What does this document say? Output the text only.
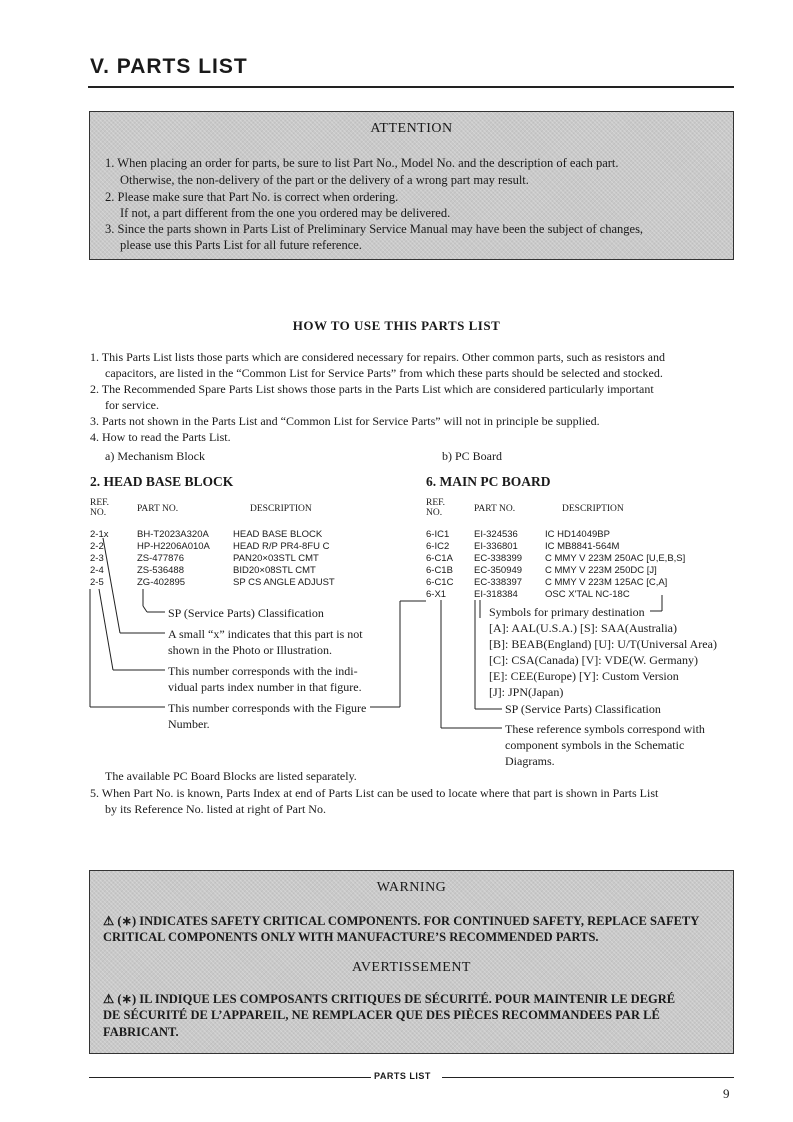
V. PARTS LIST
ATTENTION
1. When placing an order for parts, be sure to list Part No., Model No. and the description of each part.
Otherwise, the non-delivery of the part or the delivery of a wrong part may result.
2. Please make sure that Part No. is correct when ordering.
If not, a part different from the one you ordered may be delivered.
3. Since the parts shown in Parts List of Preliminary Service Manual may have been the subject of changes,
please use this Parts List for all future reference.
HOW TO USE THIS PARTS LIST
1. This Parts List lists those parts which are considered necessary for repairs. Other common parts, such as resistors and
capacitors, are listed in the “Common List for Service Parts” from which these parts should be selected and stocked.
2. The Recommended Spare Parts List shows those parts in the Parts List which are considered particularly important
for service.
3. Parts not shown in the Parts List and “Common List for Service Parts” will not in principle be supplied.
4. How to read the Parts List.
a) Mechanism Block	b) PC Board
2. HEAD BASE BLOCK
REF.
NO.	PART NO.	DESCRIPTION
2-1x	BH-T2023A320A	HEAD BASE BLOCK
2-2	HP-H2206A010A HEAD R/P PR4-8FU C
2-3	ZS-477876	PAN20×03STL CMT
2-4	ZS-536488	BID20×08STL CMT
2-5	ZG-402895	SP CS ANGLE ADJUST
SP (Service Parts) Classification
A small “x” indicates that this part is not
shown in the Photo or Illustration.
This number corresponds with the indi-
vidual parts index number in that figure.
This number corresponds with the Figure
Number.
6. MAIN PC BOARD
REF.
NO.	PART NO.	DESCRIPTION
6-IC1	EI-324536	IC HD14049BP
6-IC2	EI-336801	IC MB8841-564M
6-C1A EC-338399 C MMY V 223M 250AC [U,E,B,S]
6-C1B EC-350949 C MMY V 223M 250DC [J]
6-C1C EC-338397 C MMY V 223M 125AC [C,A]
6-X1	EI-318384	OSC X'TAL NC-18C
Symbols for primary destination
[A]: AAL(U.S.A.) [S]: SAA(Australia)
[B]: BEAB(England) [U]: U/T(Universal Area)
[C]: CSA(Canada) [V]: VDE(W. Germany)
[E]: CEE(Europe) [Y]: Custom Version
[J]: JPN(Japan)
SP (Service Parts) Classification
These reference symbols correspond with
component symbols in the Schematic
Diagrams.
The available PC Board Blocks are listed separately.
5. When Part No. is known, Parts Index at end of Parts List can be used to locate where that part is shown in Parts List
by its Reference No. listed at right of Part No.
WARNING
⚠ (∗) INDICATES SAFETY CRITICAL COMPONENTS. FOR CONTINUED SAFETY, REPLACE SAFETY
CRITICAL COMPONENTS ONLY WITH MANUFACTURE’S RECOMMENDED PARTS.
AVERTISSEMENT
⚠ (∗) IL INDIQUE LES COMPOSANTS CRITIQUES DE SÉCURITÉ. POUR MAINTENIR LE DEGRÉ
DE SÉCURITÉ DE L’APPAREIL, NE REMPLACER QUE DES PIÈCES RECOMMANDEES PAR LÉ
FABRICANT.
PARTS LIST
9
